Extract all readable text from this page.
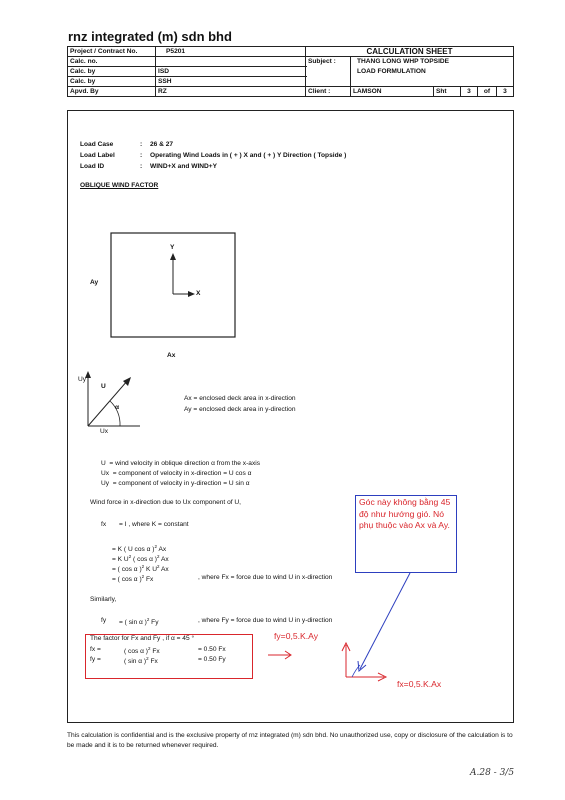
rnz integrated (m) sdn bhd
Project / Contract No.	P5201	CALCULATION SHEET					
Calc. no.		Subject :	THANG LONG WHP TOPSIDE				
Calc. by	ISD		LOAD FORMULATION				
Calc. by	SSH						
Apvd. By	RZ	Client :	LAMSON	Sht	3	of	3
Load Case	: 26 & 27
Load Label	: Operating Wind Loads in ( + ) X and ( + ) Y Direction ( Topside )
Load ID	: WIND+X and WIND+Y
OBLIQUE WIND FACTOR
Y
X
Ay
Ax
Uy
U
α
Ux
Ax = enclosed deck area in x-direction
Ay = enclosed deck area in y-direction
U  = wind velocity in oblique direction α from the x-axis
Ux  = component of velocity in x-direction = U cos α
Uy  = component of velocity in y-direction = U sin α
Wind force in x-direction due to Ux component of U,
fx = I , where K = constant
= K ( U cos α )$^2$ Ax
= K $U^2$ ( cos α )$^2$ Ax
= ( cos α )$^2$ K $U^2$ Ax
= ( cos α )$^2$ Fx	, where Fx = force due to wind U in x-direction
Similarly,
fy = ( sin α )$^2$ Fy	, where Fy = force due to wind U in y-direction
The factor for Fx and Fy , if α = 45 °
fx =	( cos α )$^2$ Fx	= 0.50 Fx
fy =	( sin α )$^2$ Fx	= 0.50 Fy
Góc này không bằng 45 độ như hướng gió. Nó phụ thuộc vào Ax và Ay.
fy=0,5.K.Ay
fx=0,5.K.Ax
This calculation is confidential and is the exclusive property of rnz integrated (m) sdn bhd. No unauthorized use, copy or disclosure of the calculation is to be made and it is to be returned whenever required.
A.28 - 3/5
